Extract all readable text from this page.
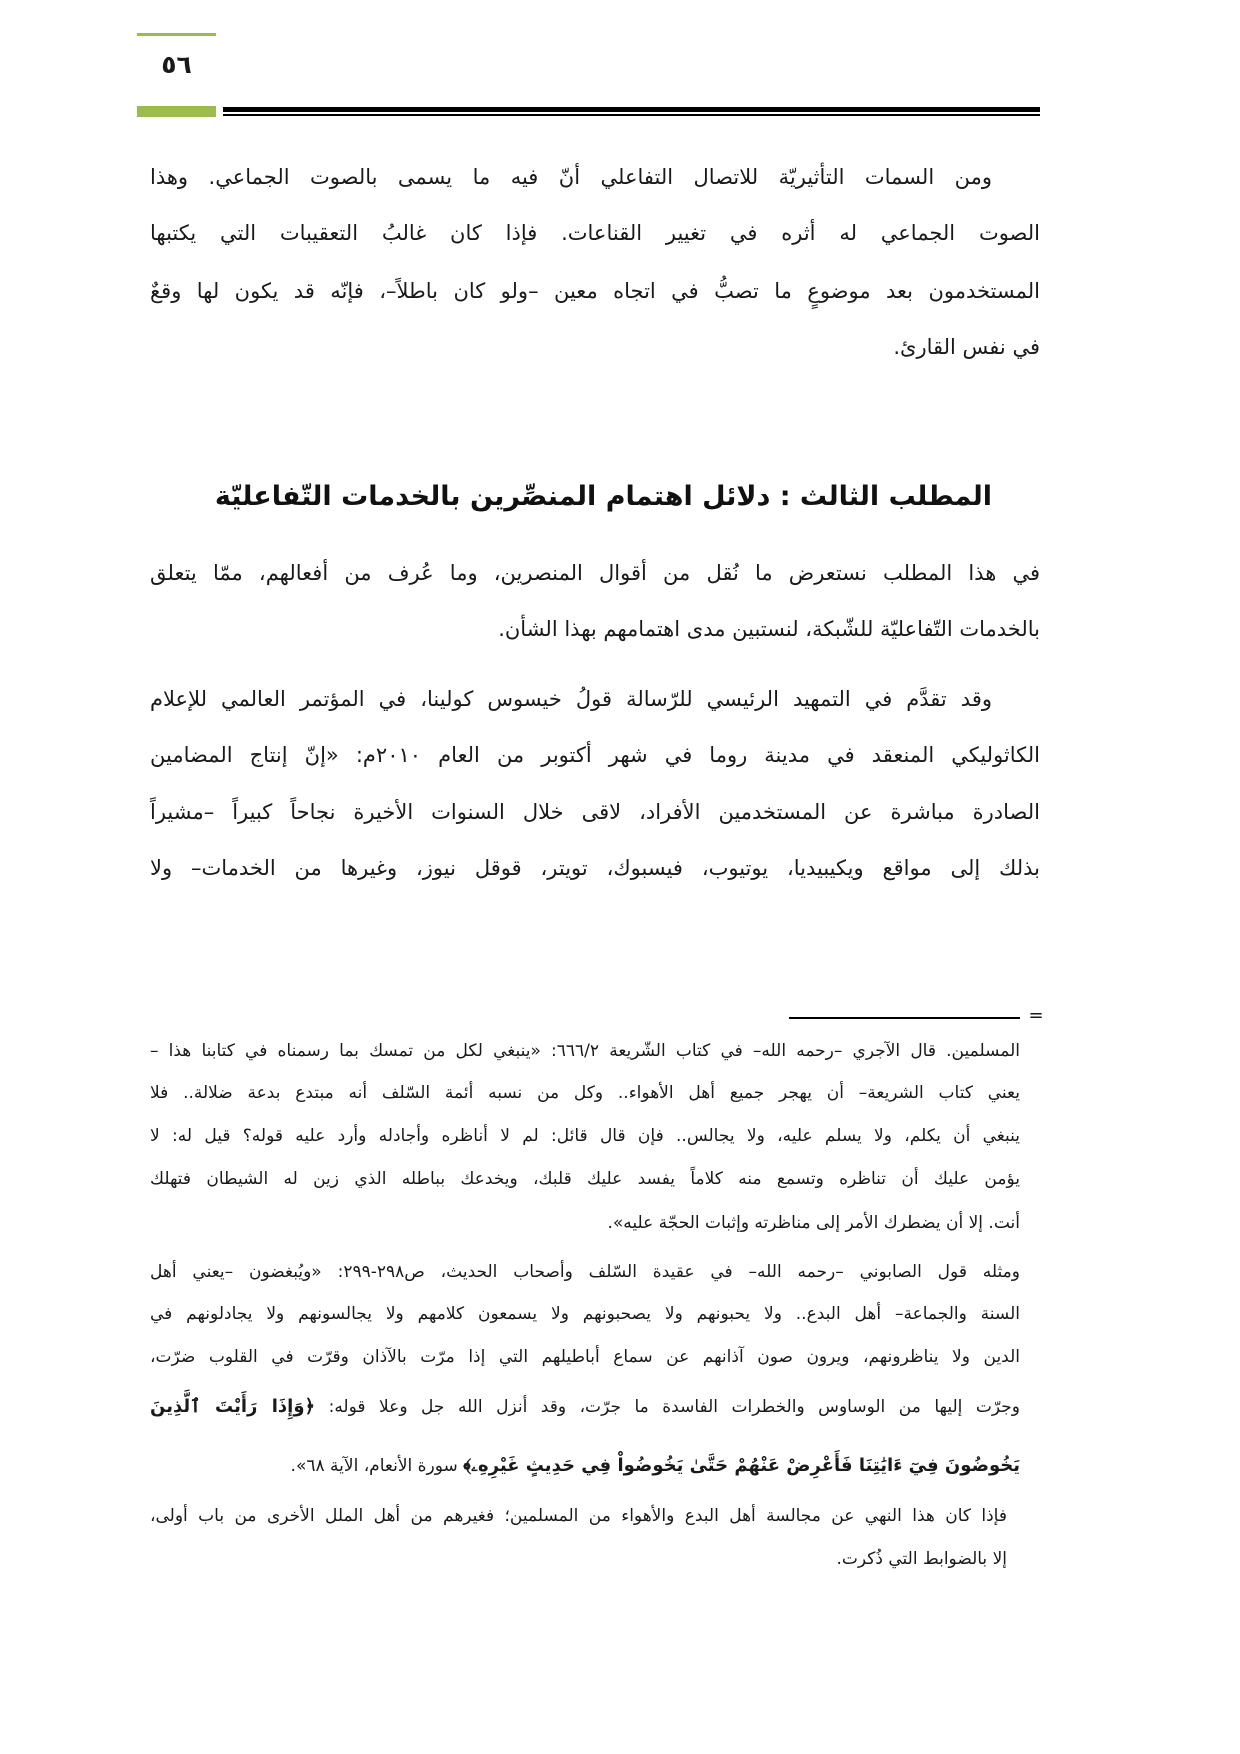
٥٦
ومن السمات التأثيريّة للاتصال التفاعلي أنّ فيه ما يسمى بالصوت الجماعي. وهذا
الصوت الجماعي له أثره في تغيير القناعات. فإذا كان غالبُ التعقيبات التي يكتبها
المستخدمون بعد موضوعٍ ما تصبُّ في اتجاه معين –ولو كان باطلاً–، فإنّه قد يكون لها وقعٌ
في نفس القارئ.
المطلب الثالث : دلائل اهتمام المنصِّرين بالخدمات التّفاعليّة
في هذا المطلب نستعرض ما نُقل من أقوال المنصرين، وما عُرف من أفعالهم، ممّا يتعلق
بالخدمات التّفاعليّة للشّبكة، لنستبين مدى اهتمامهم بهذا الشأن.
وقد تقدَّم في التمهيد الرئيسي للرّسالة قولُ خيسوس كولينا، في المؤتمر العالمي للإعلام
الكاثوليكي المنعقد في مدينة روما في شهر أكتوبر من العام ٢٠١٠م: «إنّ إنتاج المضامين
الصادرة مباشرة عن المستخدمين الأفراد، لاقى خلال السنوات الأخيرة نجاحاً كبيراً –مشيراً
بذلك إلى مواقع ويكيبيديا، يوتيوب، فيسبوك، تويتر، قوقل نيوز، وغيرها من الخدمات– ولا
=
المسلمين. قال الآجري –رحمه الله– في كتاب الشّريعة ٦٦٦/٢: «ينبغي لكل من تمسك بما رسمناه في كتابنا هذا –
يعني كتاب الشريعة– أن يهجر جميع أهل الأهواء.. وكل من نسبه أئمة السّلف أنه مبتدع بدعة ضلالة.. فلا
ينبغي أن يكلم، ولا يسلم عليه، ولا يجالس.. فإن قال قائل: لم لا أناظره وأجادله وأرد عليه قوله؟ قيل له: لا
يؤمن عليك أن تناظره وتسمع منه كلاماً يفسد عليك قلبك، ويخدعك بباطله الذي زين له الشيطان فتهلك
أنت. إلا أن يضطرك الأمر إلى مناظرته وإثبات الحجّة عليه».
ومثله قول الصابوني –رحمه الله– في عقيدة السّلف وأصحاب الحديث، ص٢٩٨-٢٩٩: «ويُبغضون –يعني أهل
السنة والجماعة– أهل البدع.. ولا يحبونهم ولا يصحبونهم ولا يسمعون كلامهم ولا يجالسونهم ولا يجادلونهم في
الدين ولا يناظرونهم، ويرون صون آذانهم عن سماع أباطيلهم التي إذا مرّت بالآذان وقرّت في القلوب ضرّت،
وجرّت إليها من الوساوس والخطرات الفاسدة ما جرّت، وقد أنزل الله جل وعلا قوله: ﴿وَإِذَا رَأَيْتَ ٱلَّذِينَ
يَخُوضُونَ فِيٓ ءَايَٰتِنَا فَأَعْرِضْ عَنْهُمْ حَتَّىٰ يَخُوضُواْ فِي حَدِيثٍ غَيْرِهِۦ﴾ سورة الأنعام، الآية ٦٨».
فإذا كان هذا النهي عن مجالسة أهل البدع والأهواء من المسلمين؛ فغيرهم من أهل الملل الأخرى من باب أولى،
إلا بالضوابط التي ذُكرت.
